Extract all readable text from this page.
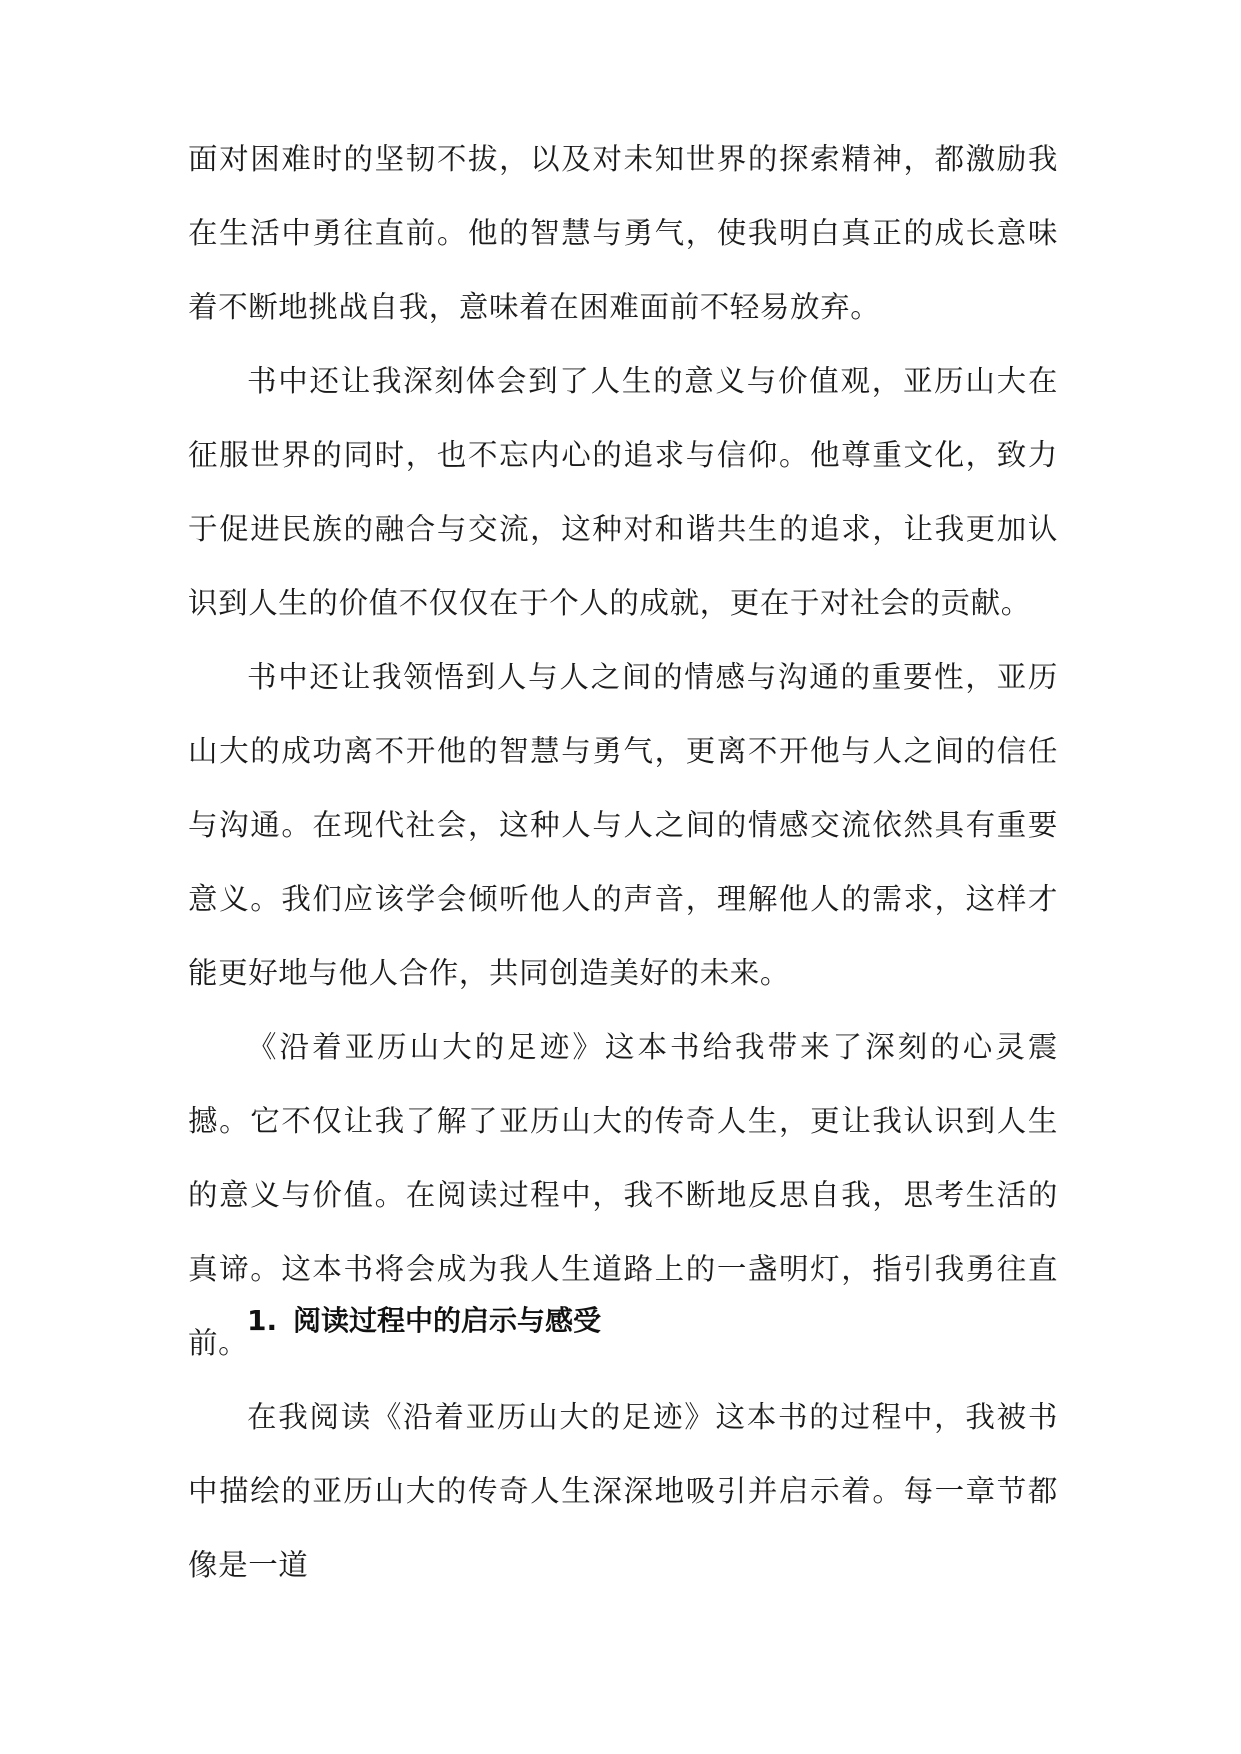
面对困难时的坚韧不拔，以及对未知世界的探索精神，都激励我在生活中勇往直前。他的智慧与勇气，使我明白真正的成长意味着不断地挑战自我，意味着在困难面前不轻易放弃。

书中还让我深刻体会到了人生的意义与价值观，亚历山大在征服世界的同时，也不忘内心的追求与信仰。他尊重文化，致力于促进民族的融合与交流，这种对和谐共生的追求，让我更加认识到人生的价值不仅仅在于个人的成就，更在于对社会的贡献。

书中还让我领悟到人与人之间的情感与沟通的重要性，亚历山大的成功离不开他的智慧与勇气，更离不开他与人之间的信任与沟通。在现代社会，这种人与人之间的情感交流依然具有重要意义。我们应该学会倾听他人的声音，理解他人的需求，这样才能更好地与他人合作，共同创造美好的未来。

《沿着亚历山大的足迹》这本书给我带来了深刻的心灵震撼。它不仅让我了解了亚历山大的传奇人生，更让我认识到人生的意义与价值。在阅读过程中，我不断地反思自我，思考生活的真谛。这本书将会成为我人生道路上的一盏明灯，指引我勇往直前。

1. 阅读过程中的启示与感受

在我阅读《沿着亚历山大的足迹》这本书的过程中，我被书中描绘的亚历山大的传奇人生深深地吸引并启示着。每一章节都像是一道
